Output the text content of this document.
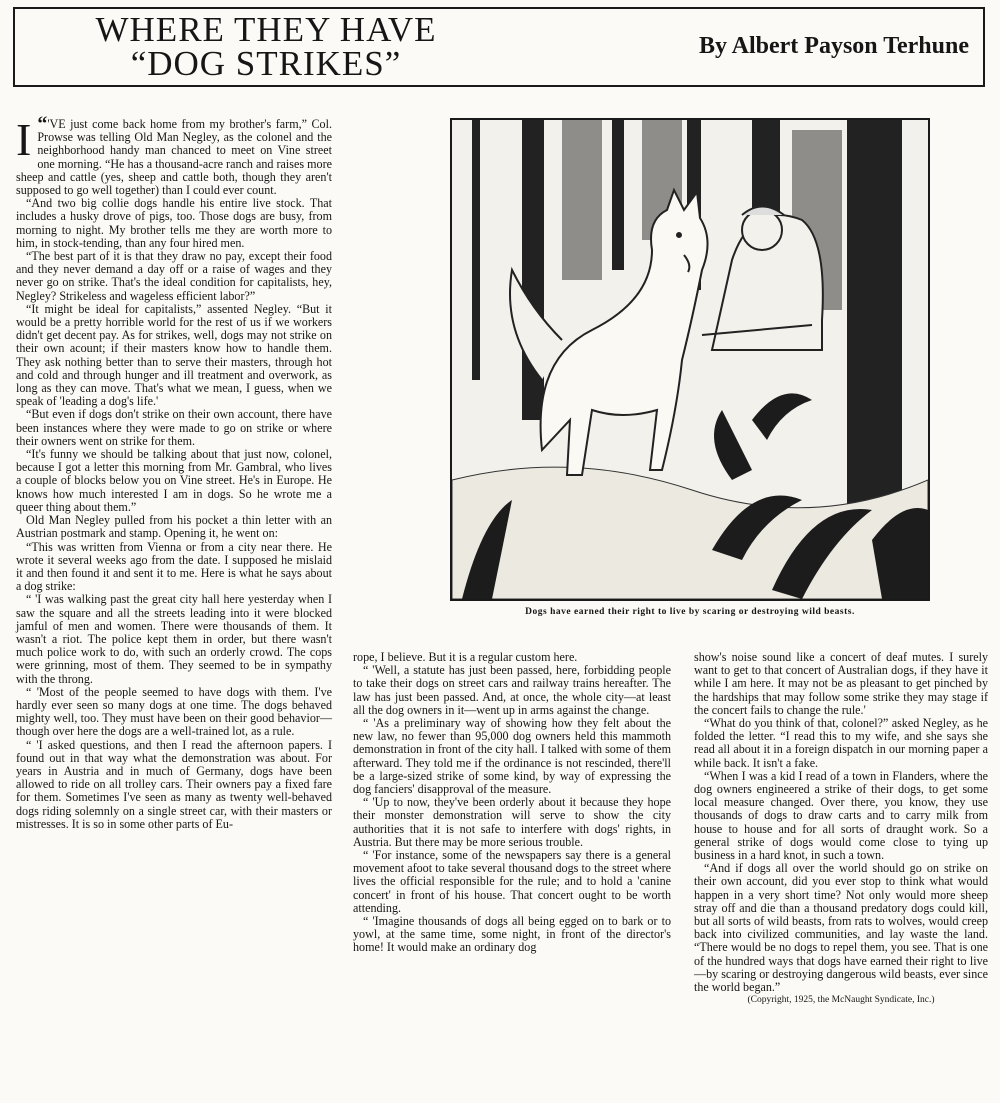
WHERE THEY HAVE
“DOG STRIKES”	By Albert Payson Terhune

“
I 'VE just come back home from my brother's farm,” Col. Prowse was telling Old Man Negley, as the colonel and the neighborhood handy man chanced to meet on Vine street one morning. “He has a thousand-acre ranch and raises more sheep and cattle (yes, sheep and cattle both, though they aren't supposed to go well together) than I could ever count.

“And two big collie dogs handle his entire live stock. That includes a husky drove of pigs, too. Those dogs are busy, from morning to night. My brother tells me they are worth more to him, in stock-tending, than any four hired men.

“The best part of it is that they draw no pay, except their food and they never demand a day off or a raise of wages and they never go on strike. That's the ideal condition for capitalists, hey, Negley? Strikeless and wageless efficient labor?”

“It might be ideal for capitalists,” assented Negley. “But it would be a pretty horrible world for the rest of us if we workers didn't get decent pay. As for strikes, well, dogs may not strike on their own acount; if their masters know how to handle them. They ask nothing better than to serve their masters, through hot and cold and through hunger and ill treatment and overwork, as long as they can move. That's what we mean, I guess, when we speak of 'leading a dog's life.'

“But even if dogs don't strike on their own account, there have been instances where they were made to go on strike or where their owners went on strike for them.

“It's funny we should be talking about that just now, colonel, because I got a letter this morning from Mr. Gambral, who lives a couple of blocks below you on Vine street. He's in Europe. He knows how much interested I am in dogs. So he wrote me a queer thing about them.”

Old Man Negley pulled from his pocket a thin letter with an Austrian postmark and stamp. Opening it, he went on:

“This was written from Vienna or from a city near there. He wrote it several weeks ago from the date. I supposed he mislaid it and then found it and sent it to me. Here is what he says about a dog strike:

“ 'I was walking past the great city hall here yesterday when I saw the square and all the streets leading into it were blocked jamful of men and women. There were thousands of them. It wasn't a riot. The police kept them in order, but there wasn't much police work to do, with such an orderly crowd. The cops were grinning, most of them. They seemed to be in sympathy with the throng.

“ 'Most of the people seemed to have dogs with them. I've hardly ever seen so many dogs at one time. The dogs behaved mighty well, too. They must have been on their good behavior—though over here the dogs are a well-trained lot, as a rule.

“ 'I asked questions, and then I read the afternoon papers. I found out in that way what the demonstration was about. For years in Austria and in much of Germany, dogs have been allowed to ride on all trolley cars. Their owners pay a fixed fare for them. Sometimes I've seen as many as twenty well-behaved dogs riding solemnly on a single street car, with their masters or mistresses. It is so in some other parts of Eu-

Dogs have earned their right to live by scaring or destroying wild beasts.

rope, I believe. But it is a regular custom here.

“ 'Well, a statute has just been passed, here, forbidding people to take their dogs on street cars and railway trains hereafter. The law has just been passed. And, at once, the whole city—at least all the dog owners in it—went up in arms against the change.

“ 'As a preliminary way of showing how they felt about the new law, no fewer than 95,000 dog owners held this mammoth demonstration in front of the city hall. I talked with some of them afterward. They told me if the ordinance is not rescinded, there'll be a large-sized strike of some kind, by way of expressing the dog fanciers' disapproval of the measure.

“ 'Up to now, they've been orderly about it because they hope their monster demonstration will serve to show the city authorities that it is not safe to interfere with dogs' rights, in Austria. But there may be more serious trouble.

“ 'For instance, some of the newspapers say there is a general movement afoot to take several thousand dogs to the street where lives the official responsible for the rule; and to hold a 'canine concert' in front of his house. That concert ought to be worth attending.

“ 'Imagine thousands of dogs all being egged on to bark or to yowl, at the same time, some night, in front of the director's home! It would make an ordinary dog

show's noise sound like a concert of deaf mutes. I surely want to get to that concert of Australian dogs, if they have it while I am here. It may not be as pleasant to get pinched by the hardships that may follow some strike they may stage if the concert fails to change the rule.'

“What do you think of that, colonel?” asked Negley, as he folded the letter. “I read this to my wife, and she says she read all about it in a foreign dispatch in our morning paper a while back. It isn't a fake.

“When I was a kid I read of a town in Flanders, where the dog owners engineered a strike of their dogs, to get some local measure changed. Over there, you know, they use thousands of dogs to draw carts and to carry milk from house to house and for all sorts of draught work. So a general strike of dogs would come close to tying up business in a hard knot, in such a town.

“And if dogs all over the world should go on strike on their own account, did you ever stop to think what would happen in a very short time? Not only would more sheep stray off and die than a thousand predatory dogs could kill, but all sorts of wild beasts, from rats to wolves, would creep back into civilized communities, and lay waste the land. “There would be no dogs to repel them, you see. That is one of the hundred ways that dogs have earned their right to live—by scaring or destroying dangerous wild beasts, ever since the world began.”

(Copyright, 1925, the McNaught Syndicate, Inc.)
